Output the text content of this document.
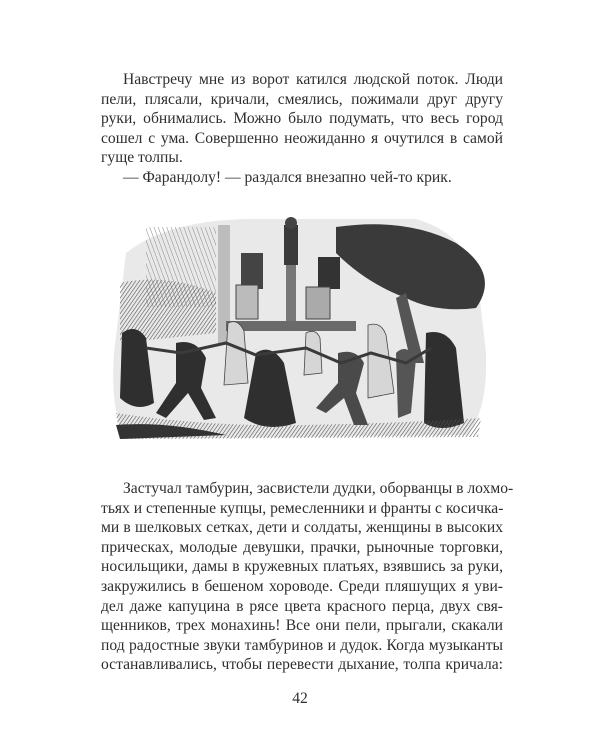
Навстречу мне из ворот катился людской поток. Люди
пели, плясали, кричали, смеялись, пожимали друг другу
руки, обнимались. Можно было подумать, что весь город
сошел с ума. Совершенно неожиданно я очутился в самой
гуще толпы.

— Фарандолу! — раздался внезапно чей-то крик.

Застучал тамбурин, засвистели дудки, оборванцы в лохмо-
тьях и степенные купцы, ремесленники и франты с косичка-
ми в шелковых сетках, дети и солдаты, женщины в высоких
прическах, молодые девушки, прачки, рыночные торговки,
носильщики, дамы в кружевных платьях, взявшись за руки,
закружились в бешеном хороводе. Среди пляшущих я уви-
дел даже капуцина в рясе цвета красного перца, двух свя-
щенников, трех монахинь! Все они пели, прыгали, скакали
под радостные звуки тамбуринов и дудок. Когда музыканты
останавливались, чтобы перевести дыхание, толпа кричала:

42
